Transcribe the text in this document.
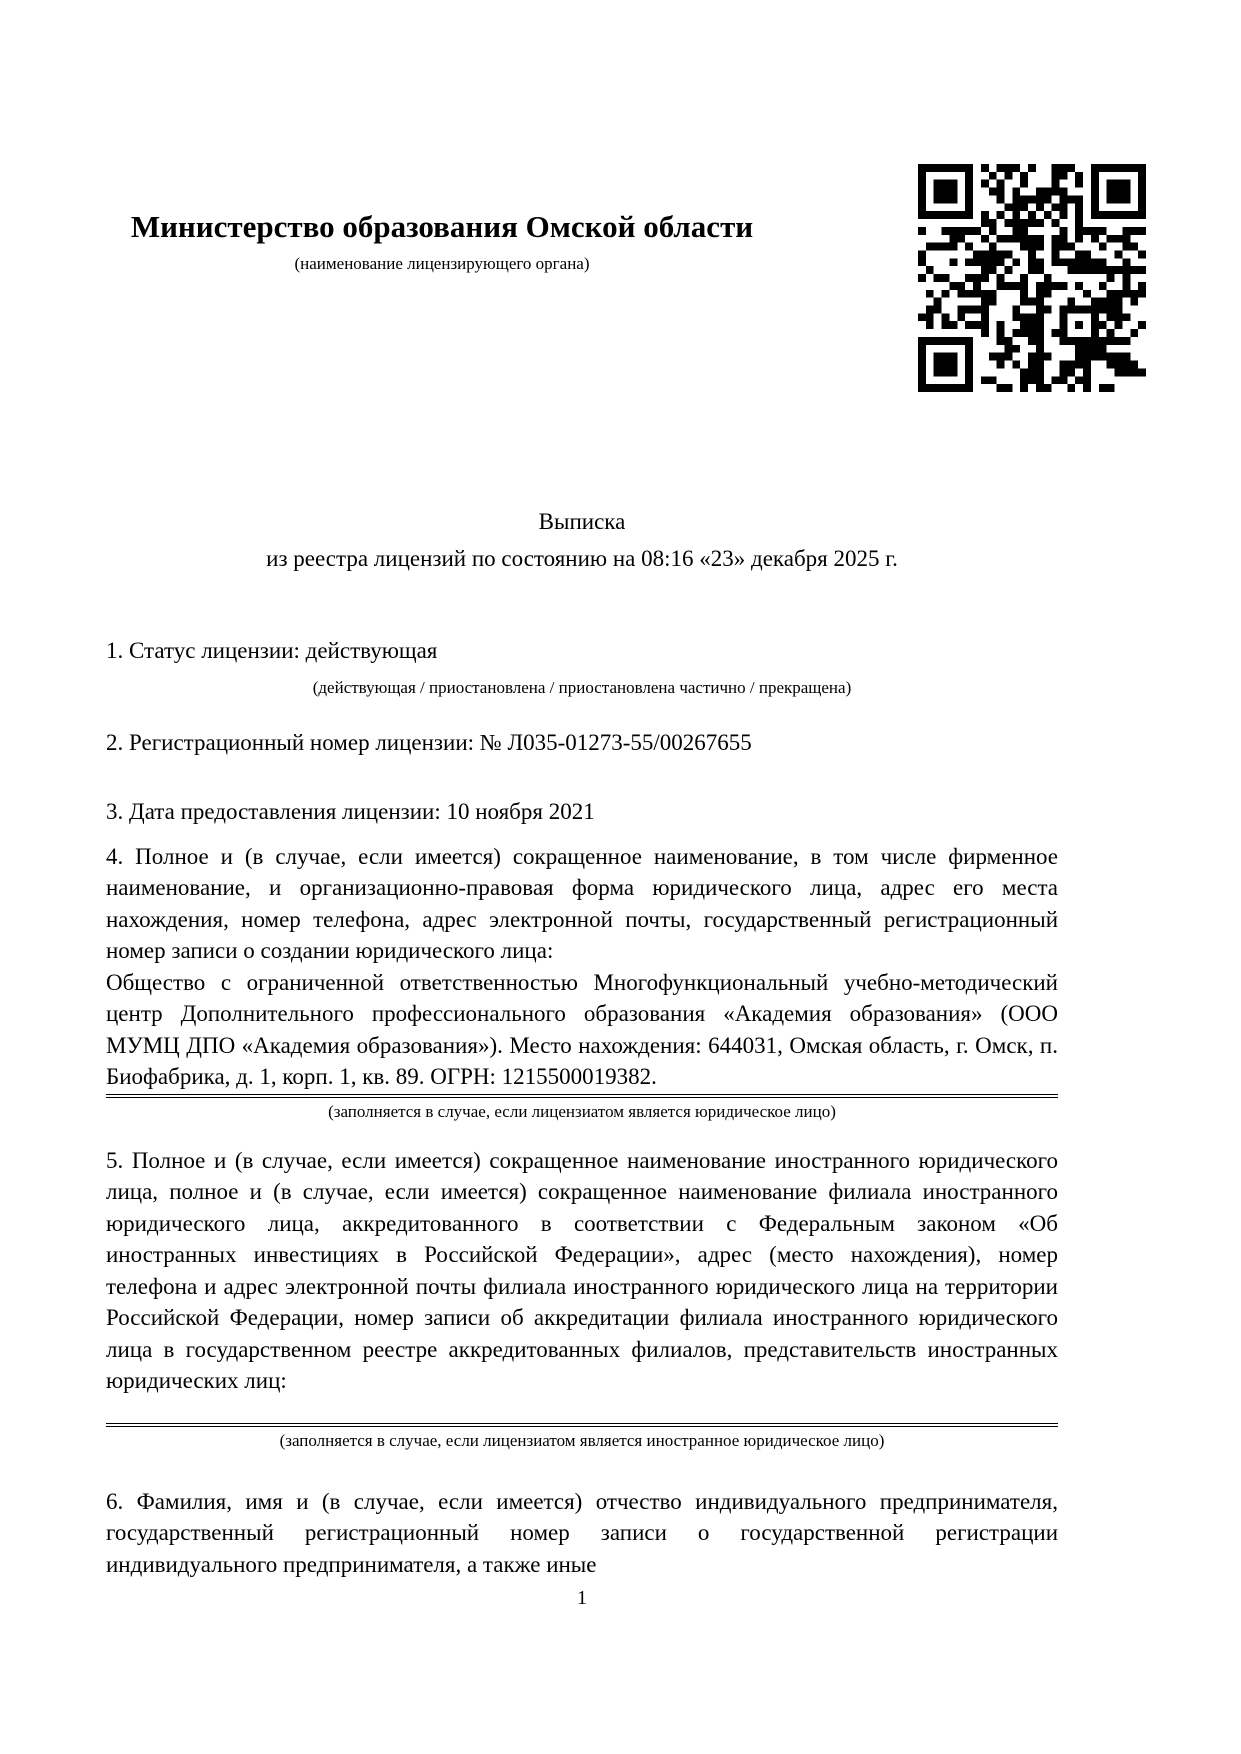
Министерство образования Омской области
(наименование лицензирующего органа)
Выписка
из реестра лицензий по состоянию на 08:16 «23» декабря 2025 г.
1. Статус лицензии: действующая
(действующая / приостановлена / приостановлена частично / прекращена)
2. Регистрационный номер лицензии: № Л035-01273-55/00267655
3. Дата предоставления лицензии: 10 ноября 2021
4. Полное и (в случае, если имеется) сокращенное наименование, в том числе фирменное наименование, и организационно-правовая форма юридического лица, адрес его места нахождения, номер телефона, адрес электронной почты, государственный регистрационный номер записи о создании юридического лица:
Общество с ограниченной ответственностью Многофункциональный учебно-методический центр Дополнительного профессионального образования «Академия образования» (ООО МУМЦ ДПО «Академия образования»). Место нахождения: 644031, Омская область, г. Омск, п. Биофабрика, д. 1, корп. 1, кв. 89. ОГРН: 1215500019382.
(заполняется в случае, если лицензиатом является юридическое лицо)
5. Полное и (в случае, если имеется) сокращенное наименование иностранного юридического лица, полное и (в случае, если имеется) сокращенное наименование филиала иностранного юридического лица, аккредитованного в соответствии с Федеральным законом «Об иностранных инвестициях в Российской Федерации», адрес (место нахождения), номер телефона и адрес электронной почты филиала иностранного юридического лица на территории Российской Федерации, номер записи об аккредитации филиала иностранного юридического лица в государственном реестре аккредитованных филиалов, представительств иностранных юридических лиц:
(заполняется в случае, если лицензиатом является иностранное юридическое лицо)
6. Фамилия, имя и (в случае, если имеется) отчество индивидуального предпринимателя, государственный регистрационный номер записи о государственной регистрации индивидуального предпринимателя, а также иные
1
